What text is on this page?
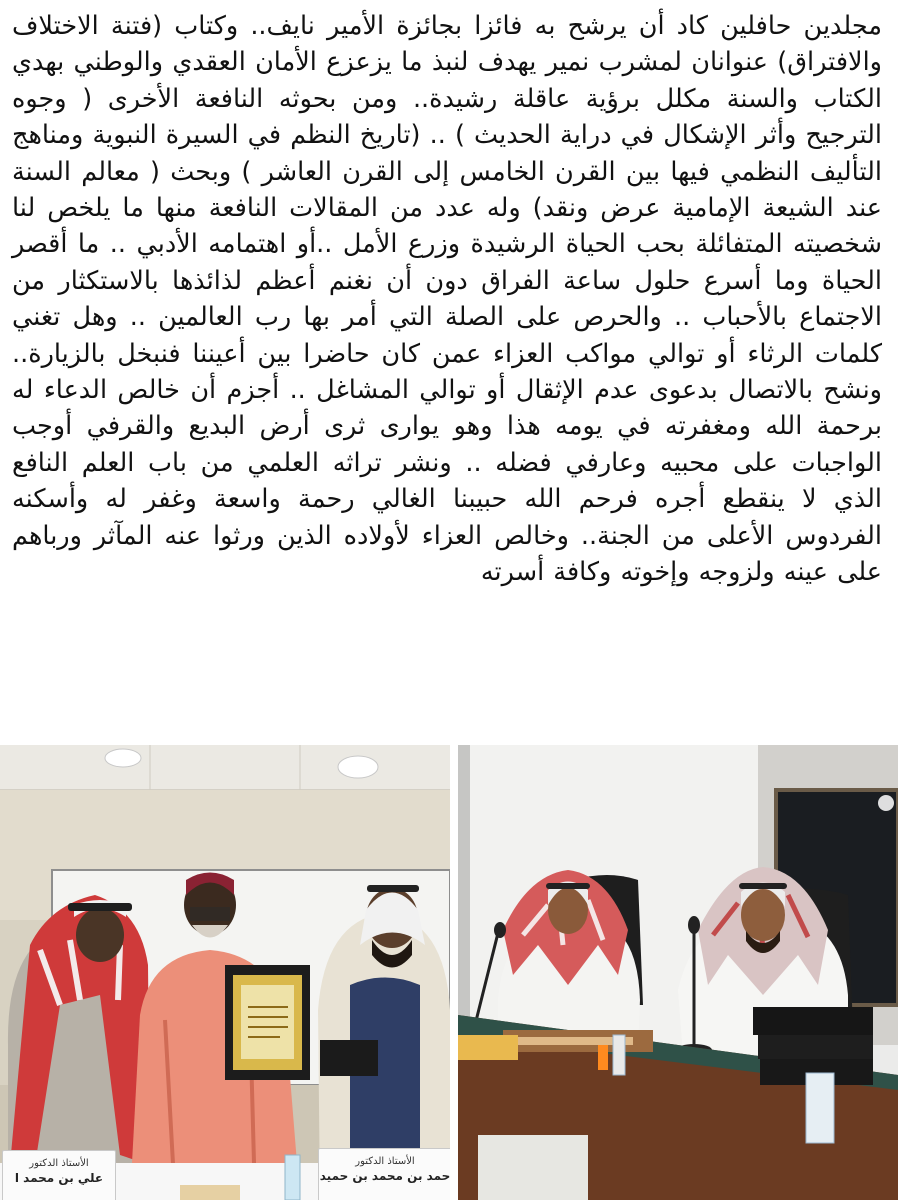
مجلدين حافلين كاد أن يرشح به فائزا بجائزة الأمير نايف.. وكتاب (فتنة الاختلاف والافتراق) عنوانان لمشرب نمير يهدف لنبذ ما يزعزع الأمان العقدي والوطني بهدي الكتاب والسنة مكلل برؤية عاقلة رشيدة.. ومن بحوثه النافعة الأخرى ( وجوه الترجيح وأثر الإشكال في دراية الحديث ) .. (تاريخ النظم في السيرة النبوية ومناهج التأليف النظمي فيها بين القرن الخامس إلى القرن العاشر ) وبحث ( معالم السنة عند الشيعة الإمامية عرض ونقد) وله عدد من المقالات النافعة منها ما يلخص لنا شخصيته المتفائلة بحب الحياة الرشيدة وزرع الأمل ..أو اهتمامه الأدبي .. ما أقصر الحياة وما أسرع حلول ساعة الفراق دون أن نغنم أعظم لذائذها بالاستكثار من الاجتماع بالأحباب .. والحرص على الصلة التي أمر بها رب العالمين .. وهل تغني كلمات الرثاء أو توالي مواكب العزاء عمن كان حاضرا بين أعيننا فنبخل بالزيارة.. ونشح بالاتصال بدعوى عدم الإثقال أو توالي المشاغل .. أجزم أن خالص الدعاء له برحمة الله ومغفرته في يومه هذا وهو يوارى ثرى أرض البديع والقرفي أوجب الواجبات على محبيه وعارفي فضله .. ونشر تراثه العلمي من باب العلم النافع الذي لا ينقطع أجره فرحم الله حبيبنا الغالي رحمة واسعة وغفر له وأسكنه الفردوس الأعلى من الجنة.. وخالص العزاء لأولاده الذين ورثوا عنه المآثر ورباهم على عينه ولزوجه وإخوته وكافة أسرته
الأستاذ الدكتور
علي بن محمد ا
الأستاذ الدكتور
حمد بن محمد بن حميد
